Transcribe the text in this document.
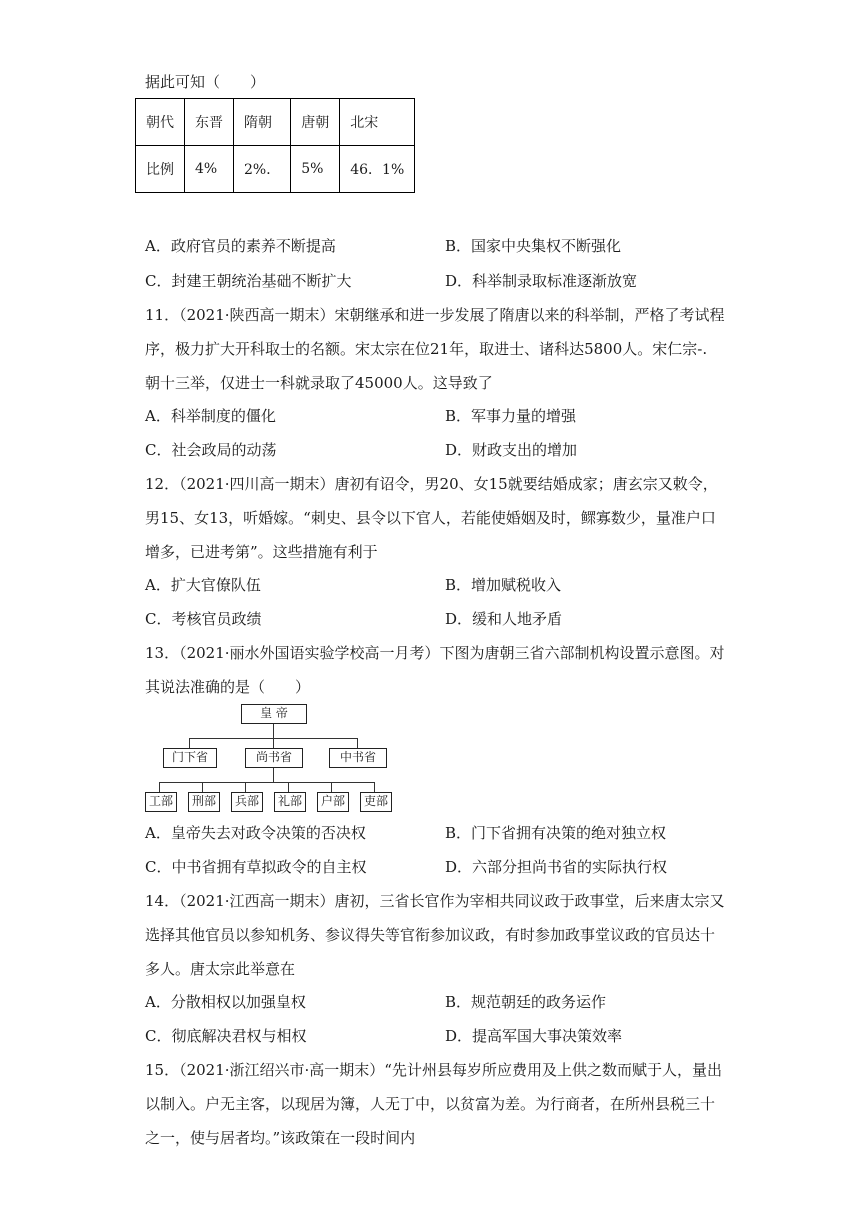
据此可知（　　）
朝代	东晋	隋朝	唐朝	北宋
比例	4%	2%．	5%	46．1%
A．政府官员的素养不断提高	B．国家中央集权不断强化
C．封建王朝统治基础不断扩大	D．科举制录取标准逐渐放宽
11．（2021·陕西高一期末）宋朝继承和进一步发展了隋唐以来的科举制，严格了考试程
序，极力扩大开科取士的名额。宋太宗在位21年，取进士、诸科达5800人。宋仁宗-.
朝十三举，仅进士一科就录取了45000人。这导致了
A．科举制度的僵化	B．军事力量的增强
C．社会政局的动荡	D．财政支出的增加
12．（2021·四川高一期末）唐初有诏令，男20、女15就要结婚成家；唐玄宗又敕令，
男15、女13，听婚嫁。“刺史、县令以下官人，若能使婚姻及时，鳏寡数少，量准户口
增多，已进考第”。这些措施有利于
A．扩大官僚队伍	B．增加赋税收入
C．考核官员政绩	D．缓和人地矛盾
13．（2021·丽水外国语实验学校高一月考）下图为唐朝三省六部制机构设置示意图。对
其说法准确的是（　　）
皇 帝
门下省	尚书省	中书省
工部	刑部	兵部	礼部	户部	吏部
A．皇帝失去对政令决策的否决权	B．门下省拥有决策的绝对独立权
C．中书省拥有草拟政令的自主权	D．六部分担尚书省的实际执行权
14．（2021·江西高一期末）唐初，三省长官作为宰相共同议政于政事堂，后来唐太宗又
选择其他官员以参知机务、参议得失等官衔参加议政，有时参加政事堂议政的官员达十
多人。唐太宗此举意在
A．分散相权以加强皇权	B．规范朝廷的政务运作
C．彻底解决君权与相权	D．提高军国大事决策效率
15．（2021·浙江绍兴市·高一期末）“先计州县每岁所应费用及上供之数而赋于人，量出
以制入。户无主客，以现居为簿，人无丁中，以贫富为差。为行商者，在所州县税三十
之一，使与居者均。”该政策在一段时间内
